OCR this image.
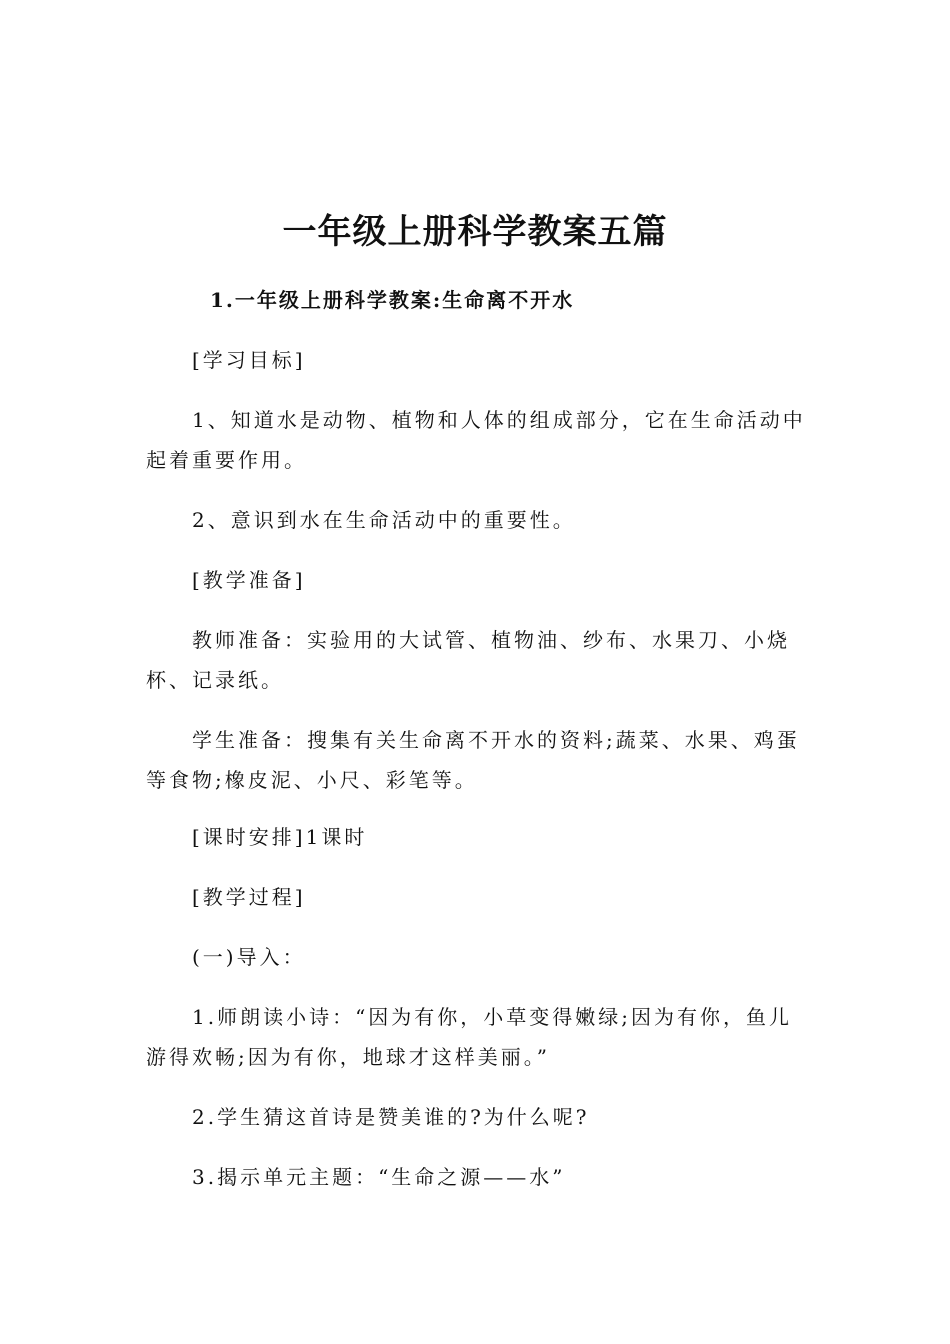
一年级上册科学教案五篇
1.一年级上册科学教案:生命离不开水

[学习目标]

1、知道水是动物、植物和人体的组成部分，它在生命活动中起着重要作用。

2、意识到水在生命活动中的重要性。

[教学准备]

教师准备：实验用的大试管、植物油、纱布、水果刀、小烧杯、记录纸。

学生准备：搜集有关生命离不开水的资料;蔬菜、水果、鸡蛋等食物;橡皮泥、小尺、彩笔等。

[课时安排]1课时

[教学过程]

(一)导入：

1.师朗读小诗：“因为有你，小草变得嫩绿;因为有你，鱼儿游得欢畅;因为有你，地球才这样美丽。”

2.学生猜这首诗是赞美谁的?为什么呢?

3.揭示单元主题：“生命之源——水”
